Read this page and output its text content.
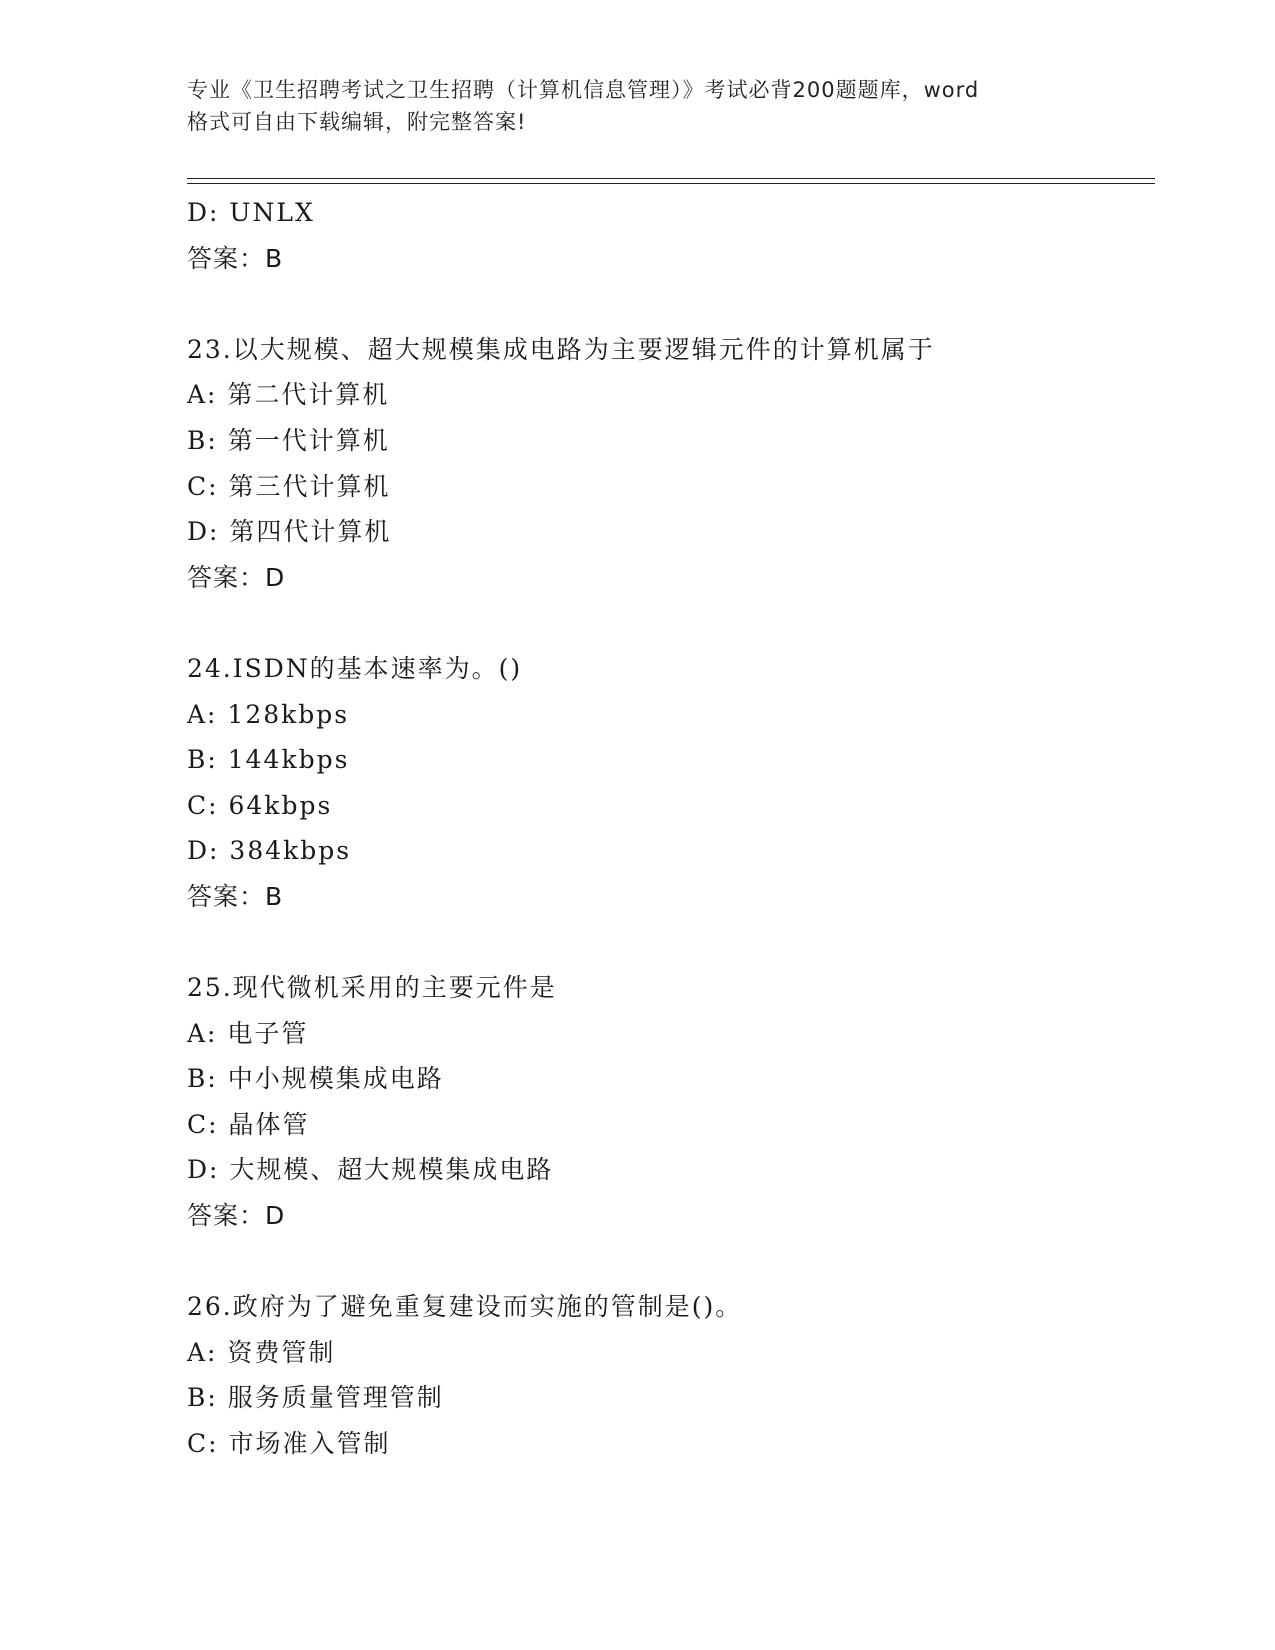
专业《卫生招聘考试之卫生招聘（计算机信息管理）》考试必背200题题库，word
格式可自由下载编辑，附完整答案!
D: UNLX
答案：B
23.以大规模、超大规模集成电路为主要逻辑元件的计算机属于
A: 第二代计算机
B: 第一代计算机
C: 第三代计算机
D: 第四代计算机
答案：D
24.ISDN的基本速率为。()
A: 128kbps
B: 144kbps
C: 64kbps
D: 384kbps
答案：B
25.现代微机采用的主要元件是
A: 电子管
B: 中小规模集成电路
C: 晶体管
D: 大规模、超大规模集成电路
答案：D
26.政府为了避免重复建设而实施的管制是()。
A: 资费管制
B: 服务质量管理管制
C: 市场准入管制
